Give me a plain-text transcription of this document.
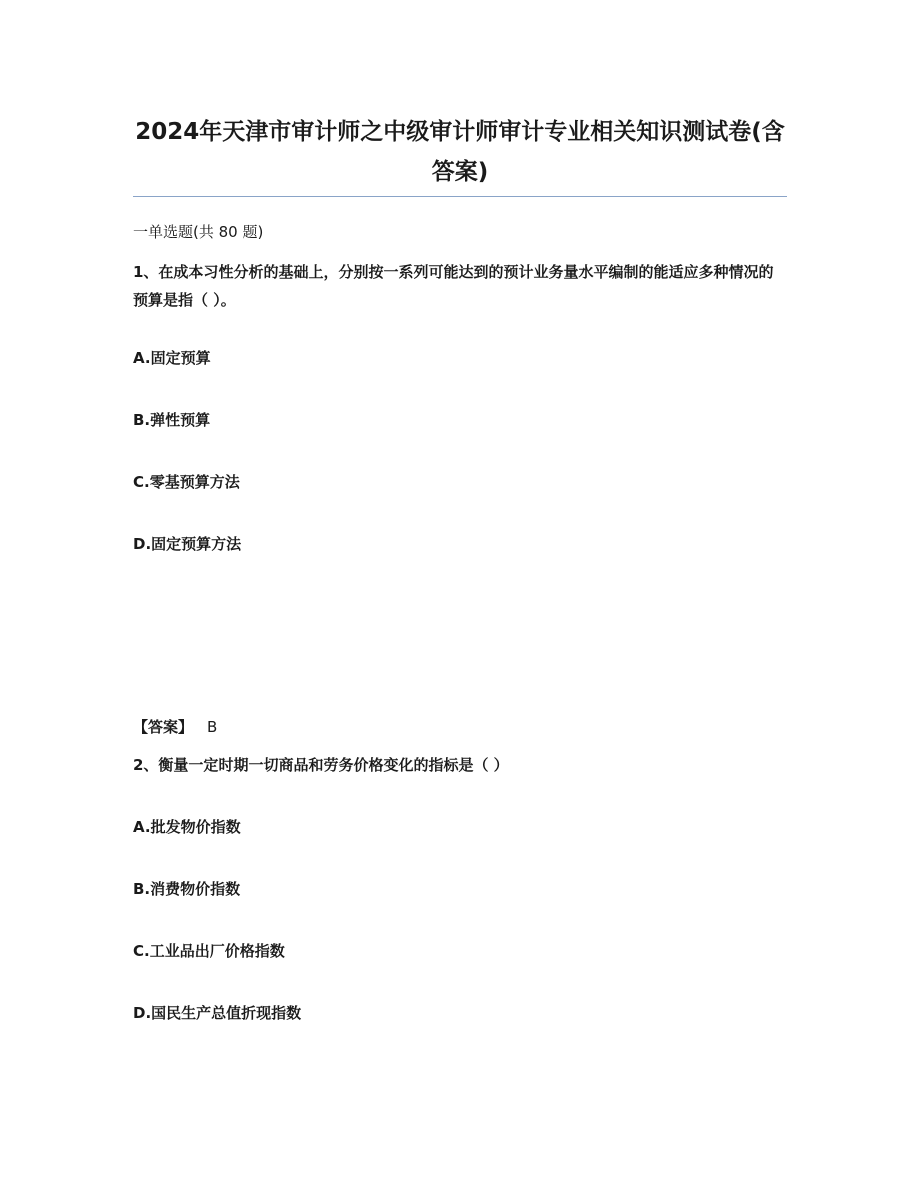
2024年天津市审计师之中级审计师审计专业相关知识测试卷(含答案)
一单选题(共 80 题)
1、在成本习性分析的基础上，分别按一系列可能达到的预计业务量水平编制的能适应多种情况的预算是指（ ）。
A.固定预算
B.弹性预算
C.零基预算方法
D.固定预算方法
【答案】 B
2、衡量一定时期一切商品和劳务价格变化的指标是（ ）
A.批发物价指数
B.消费物价指数
C.工业品出厂价格指数
D.国民生产总值折现指数
